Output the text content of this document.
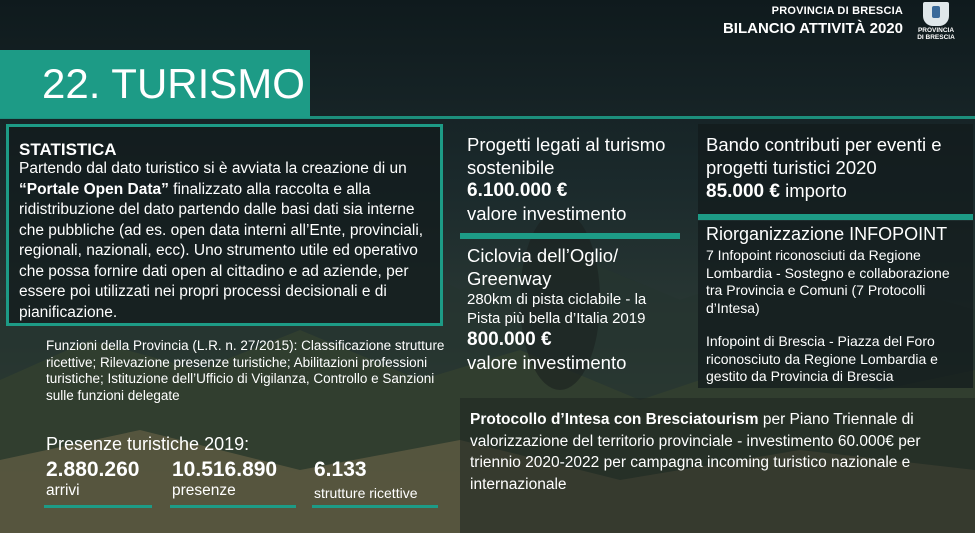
PROVINCIA DI BRESCIA
BILANCIO ATTIVITÀ 2020	PROVINCIA DI BRESCIA
22. TURISMO
STATISTICA

Partendo dal dato turistico si è avviata la creazione di un “Portale Open Data” finalizzato alla raccolta e alla ridistribuzione del dato partendo dalle basi dati sia interne che pubbliche (ad es. open data interni all’Ente, provinciali, regionali, nazionali, ecc). Uno strumento utile ed operativo che possa fornire dati open al cittadino e ad aziende, per essere poi utilizzati nei propri processi decisionali e di pianificazione.

Funzioni della Provincia (L.R. n. 27/2015): Classificazione strutture ricettive; Rilevazione presenze turistiche; Abilitazioni professioni turistiche; Istituzione dell’Ufficio di Vigilanza, Controllo e Sanzioni sulle funzioni delegate
Presenze turistiche 2019:
2.880.260
arrivi
10.516.890
presenze
6.133
strutture ricettive
Progetti legati al turismo sostenibile
6.100.000 €
valore investimento
Ciclovia dell’Oglio/ Greenway
280km di pista ciclabile - la Pista più bella d’Italia 2019
800.000 €
valore investimento
Bando contributi per eventi e progetti turistici 2020
85.000 € importo
Riorganizzazione INFOPOINT
7 Infopoint riconosciuti da Regione Lombardia - Sostegno e collaborazione tra Provincia e Comuni (7 Protocolli d’Intesa)
Infopoint di Brescia - Piazza del Foro riconosciuto da Regione Lombardia e gestito da Provincia di Brescia
Protocollo d’Intesa con Bresciatourism per Piano Triennale di valorizzazione del territorio provinciale - investimento 60.000€ per triennio 2020-2022 per campagna incoming turistico nazionale e internazionale
